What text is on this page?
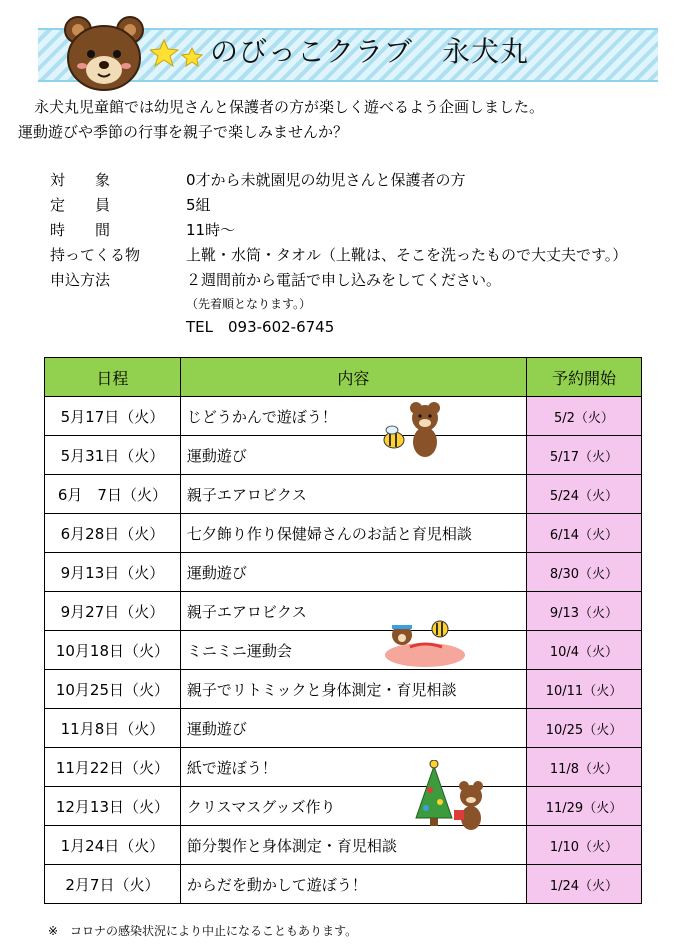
のびっこクラブ　永犬丸
永犬丸児童館では幼児さんと保護者の方が楽しく遊べるよう企画しました。
運動遊びや季節の行事を親子で楽しみませんか？
対　　象	0才から未就園児の幼児さんと保護者の方
定　　員	5組
時　　間	11時～
持ってくる物	上靴・水筒・タオル（上靴は、そこを洗ったもので大丈夫です。）
申込方法	２週間前から電話で申し込みをしてください。
（先着順となります。）
TEL　093-602-6745
日程	内容	予約開始
5月17日（火）	じどうかんで遊ぼう！	5/2（火）
5月31日（火）	運動遊び	5/17（火）
6月　7日（火）	親子エアロビクス	5/24（火）
6月28日（火）	七夕飾り作り保健婦さんのお話と育児相談	6/14（火）
9月13日（火）	運動遊び	8/30（火）
9月27日（火）	親子エアロビクス	9/13（火）
10月18日（火）	ミニミニ運動会	10/4（火）
10月25日（火）	親子でリトミックと身体測定・育児相談	10/11（火）
11月8日（火）	運動遊び	10/25（火）
11月22日（火）	紙で遊ぼう！	11/8（火）
12月13日（火）	クリスマスグッズ作り	11/29（火）
1月24日（火）	節分製作と身体測定・育児相談	1/10（火）
2月7日（火）	からだを動かして遊ぼう！	1/24（火）
※　コロナの感染状況により中止になることもあります。
